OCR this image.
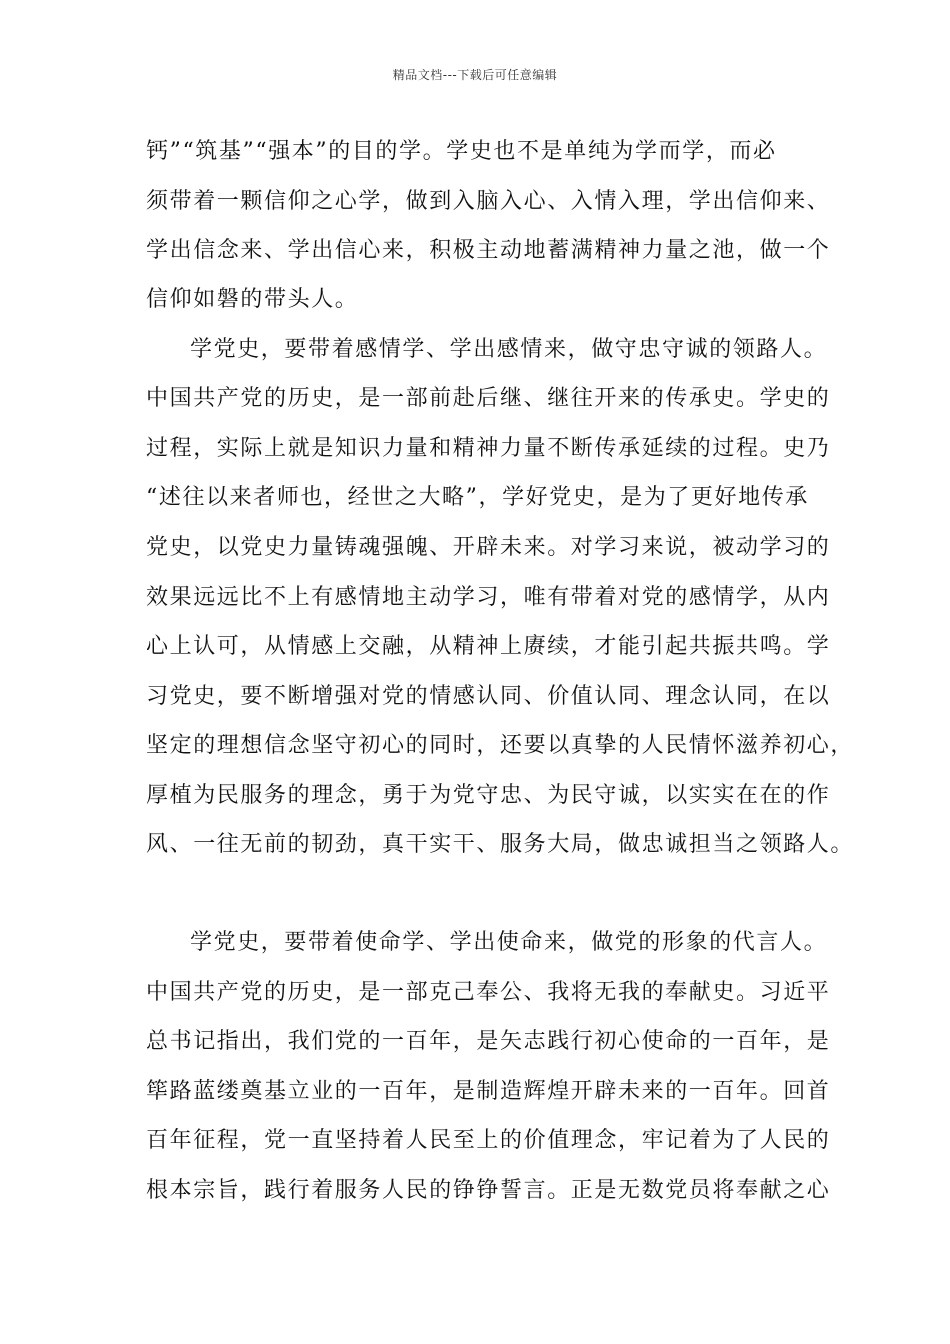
精品文档---下载后可任意编辑
钙”“筑基”“强本”的目的学。学史也不是单纯为学而学，而必
须带着一颗信仰之心学，做到入脑入心、入情入理，学出信仰来、
学出信念来、学出信心来，积极主动地蓄满精神力量之池，做一个
信仰如磐的带头人。
学党史，要带着感情学、学出感情来，做守忠守诚的领路人。
中国共产党的历史，是一部前赴后继、继往开来的传承史。学史的
过程，实际上就是知识力量和精神力量不断传承延续的过程。史乃
“述往以来者师也，经世之大略”，学好党史，是为了更好地传承
党史，以党史力量铸魂强魄、开辟未来。对学习来说，被动学习的
效果远远比不上有感情地主动学习，唯有带着对党的感情学，从内
心上认可，从情感上交融，从精神上赓续，才能引起共振共鸣。学
习党史，要不断增强对党的情感认同、价值认同、理念认同，在以
坚定的理想信念坚守初心的同时，还要以真挚的人民情怀滋养初心，
厚植为民服务的理念，勇于为党守忠、为民守诚，以实实在在的作
风、一往无前的韧劲，真干实干、服务大局，做忠诚担当之领路人。
学党史，要带着使命学、学出使命来，做党的形象的代言人。
中国共产党的历史，是一部克己奉公、我将无我的奉献史。习近平
总书记指出，我们党的一百年，是矢志践行初心使命的一百年，是
筚路蓝缕奠基立业的一百年，是制造辉煌开辟未来的一百年。回首
百年征程，党一直坚持着人民至上的价值理念，牢记着为了人民的
根本宗旨，践行着服务人民的铮铮誓言。正是无数党员将奉献之心
